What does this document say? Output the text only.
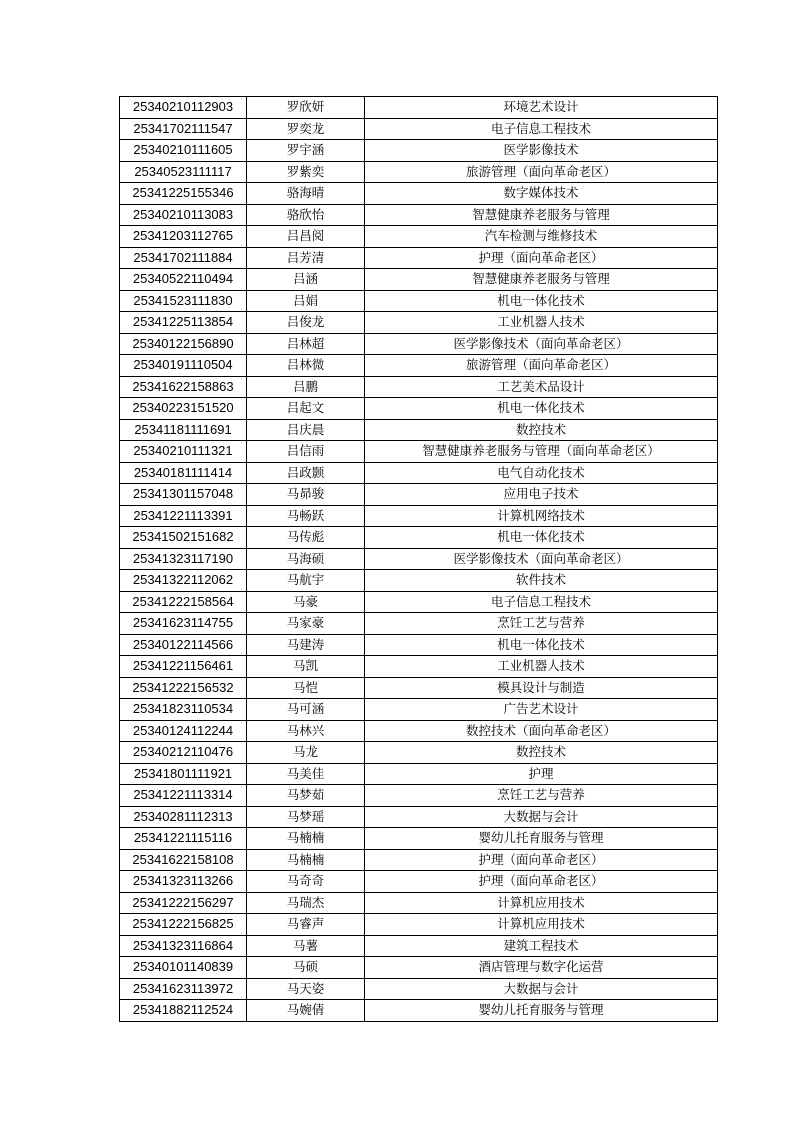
25340210112903	罗欣妍	环境艺术设计
25341702111547	罗奕龙	电子信息工程技术
25340210111605	罗宇涵	医学影像技术
25340523111117	罗紫奕	旅游管理（面向革命老区）
25341225155346	骆海晴	数字媒体技术
25340210113083	骆欣怡	智慧健康养老服务与管理
25341203112765	吕昌阅	汽车检测与维修技术
25341702111884	吕芳清	护理（面向革命老区）
25340522110494	吕涵	智慧健康养老服务与管理
25341523111830	吕娟	机电一体化技术
25341225113854	吕俊龙	工业机器人技术
25340122156890	吕林超	医学影像技术（面向革命老区）
25340191110504	吕林微	旅游管理（面向革命老区）
25341622158863	吕鹏	工艺美术品设计
25340223151520	吕起文	机电一体化技术
25341181111691	吕庆晨	数控技术
25340210111321	吕信雨	智慧健康养老服务与管理（面向革命老区）
25340181111414	吕政颢	电气自动化技术
25341301157048	马昴骏	应用电子技术
25341221113391	马畅跃	计算机网络技术
25341502151682	马传彪	机电一体化技术
25341323117190	马海硕	医学影像技术（面向革命老区）
25341322112062	马航宇	软件技术
25341222158564	马豪	电子信息工程技术
25341623114755	马家豪	烹饪工艺与营养
25340122114566	马建涛	机电一体化技术
25341221156461	马凯	工业机器人技术
25341222156532	马恺	模具设计与制造
25341823110534	马可涵	广告艺术设计
25340124112244	马林兴	数控技术（面向革命老区）
25340212110476	马龙	数控技术
25341801111921	马美佳	护理
25341221113314	马梦茹	烹饪工艺与营养
25340281112313	马梦瑶	大数据与会计
25341221115116	马楠楠	婴幼儿托育服务与管理
25341622158108	马楠楠	护理（面向革命老区）
25341323113266	马奇奇	护理（面向革命老区）
25341222156297	马瑞杰	计算机应用技术
25341222156825	马睿声	计算机应用技术
25341323116864	马薯	建筑工程技术
25340101140839	马硕	酒店管理与数字化运营
25341623113972	马天姿	大数据与会计
25341882112524	马婉倩	婴幼儿托育服务与管理
